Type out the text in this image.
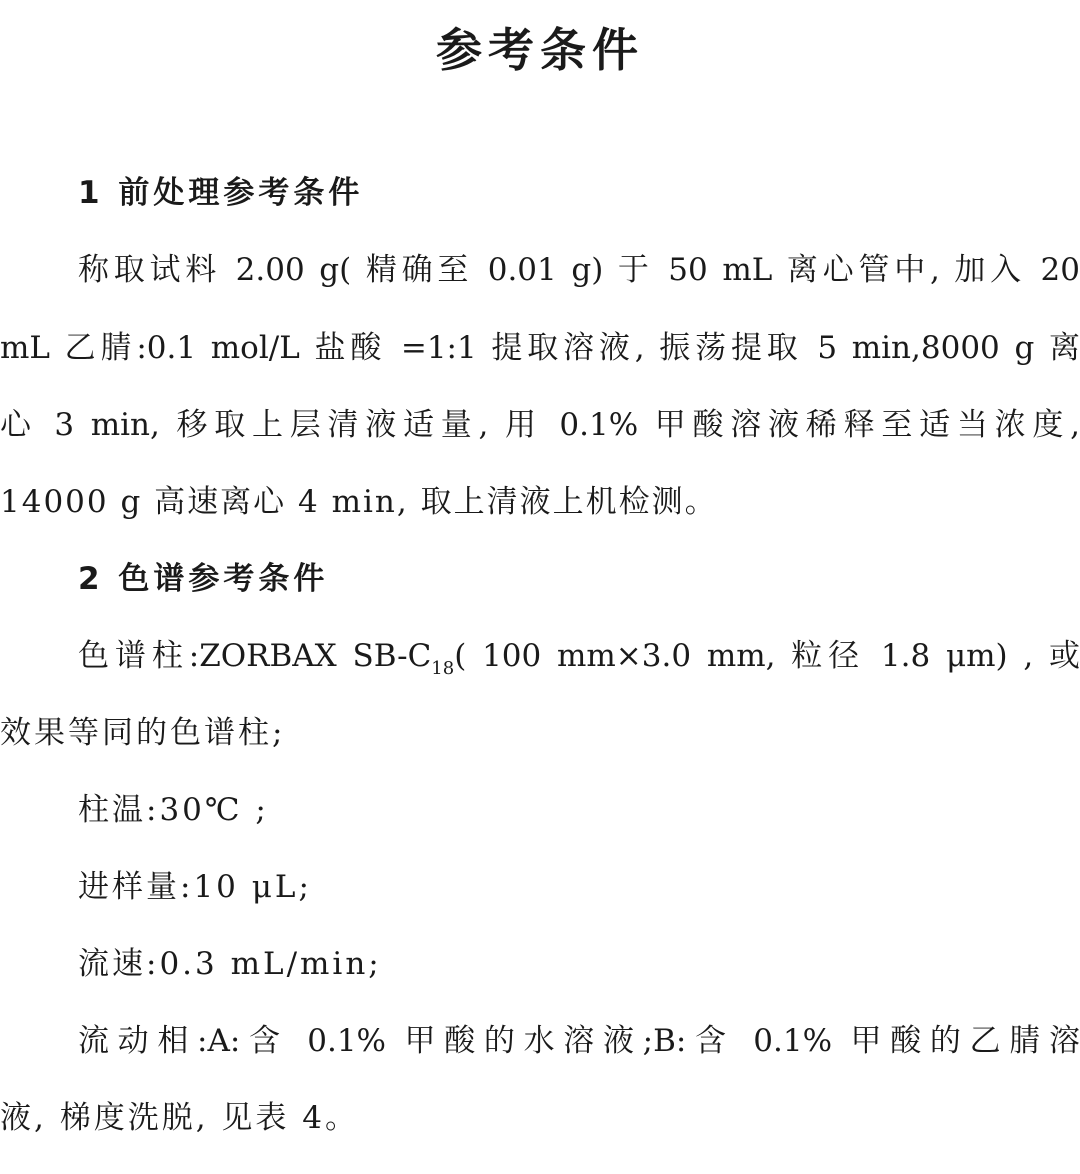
参考条件
1 前处理参考条件
称取试料 2.00 g( 精确至 0.01 g) 于 50 mL 离心管中, 加入 20
mL 乙腈:0.1 mol/L 盐酸 =1:1 提取溶液, 振荡提取 5 min,8000 g 离
心 3 min, 移取上层清液适量, 用 0.1% 甲酸溶液稀释至适当浓度,
14000 g 高速离心 4 min, 取上清液上机检测。
2 色谱参考条件
色谱柱:ZORBAX $SB-C_{18}$( 100 mm×3.0 mm, 粒径 1.8 μm) , 或
效果等同的色谱柱;
柱温:30℃ ;
进样量:10 μL;
流速:0.3 mL/min;
流动相:A:含 0.1% 甲酸的水溶液;B:含 0.1% 甲酸的乙腈溶
液, 梯度洗脱, 见表 4。
